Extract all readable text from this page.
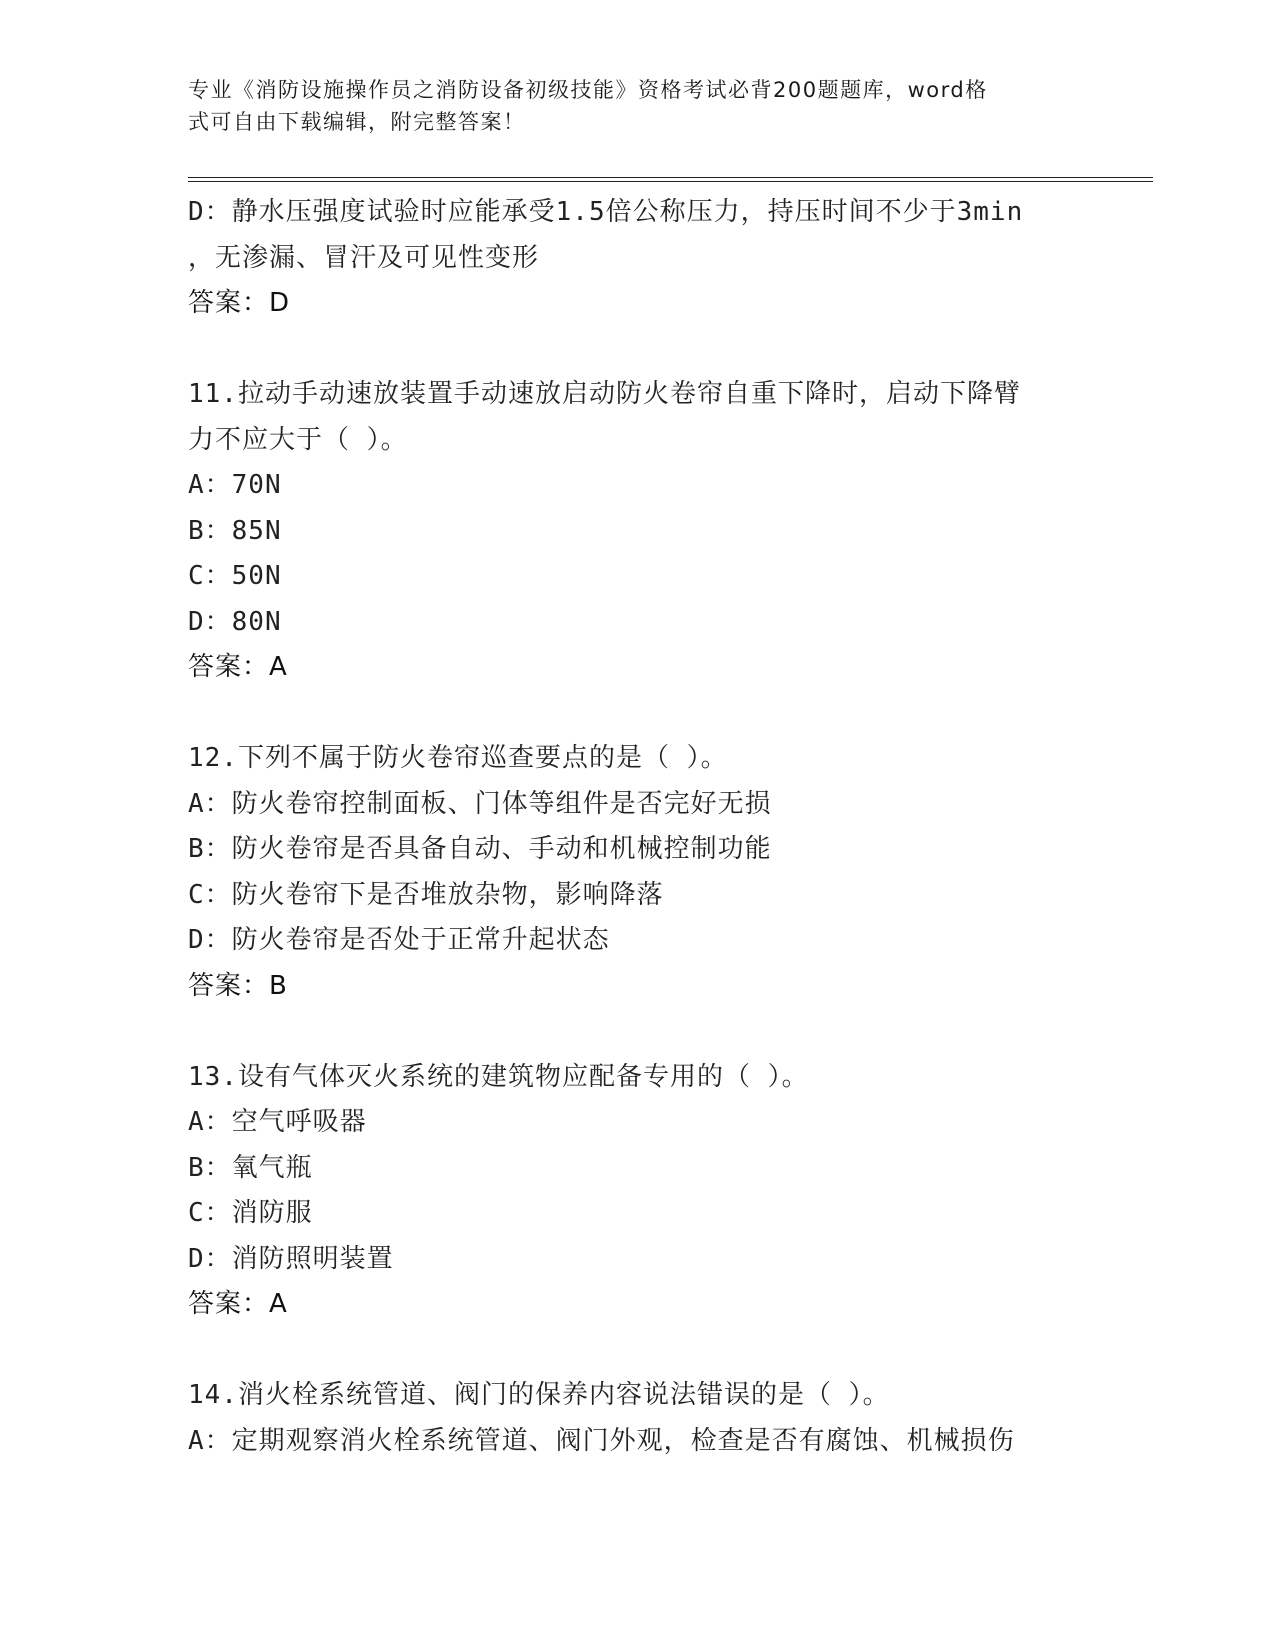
专业《消防设施操作员之消防设备初级技能》资格考试必背200题题库，word格
式可自由下载编辑，附完整答案！
D：静水压强度试验时应能承受1.5倍公称压力，持压时间不少于3min
，无渗漏、冒汗及可见性变形
答案：D
11.拉动手动速放装置手动速放启动防火卷帘自重下降时，启动下降臂
力不应大于（ ）。
A：70N
B：85N
C：50N
D：80N
答案：A
12.下列不属于防火卷帘巡查要点的是（ ）。
A：防火卷帘控制面板、门体等组件是否完好无损
B：防火卷帘是否具备自动、手动和机械控制功能
C：防火卷帘下是否堆放杂物，影响降落
D：防火卷帘是否处于正常升起状态
答案：B
13.设有气体灭火系统的建筑物应配备专用的（ ）。
A：空气呼吸器
B：氧气瓶
C：消防服
D：消防照明装置
答案：A
14.消火栓系统管道、阀门的保养内容说法错误的是（ ）。
A：定期观察消火栓系统管道、阀门外观，检查是否有腐蚀、机械损伤
